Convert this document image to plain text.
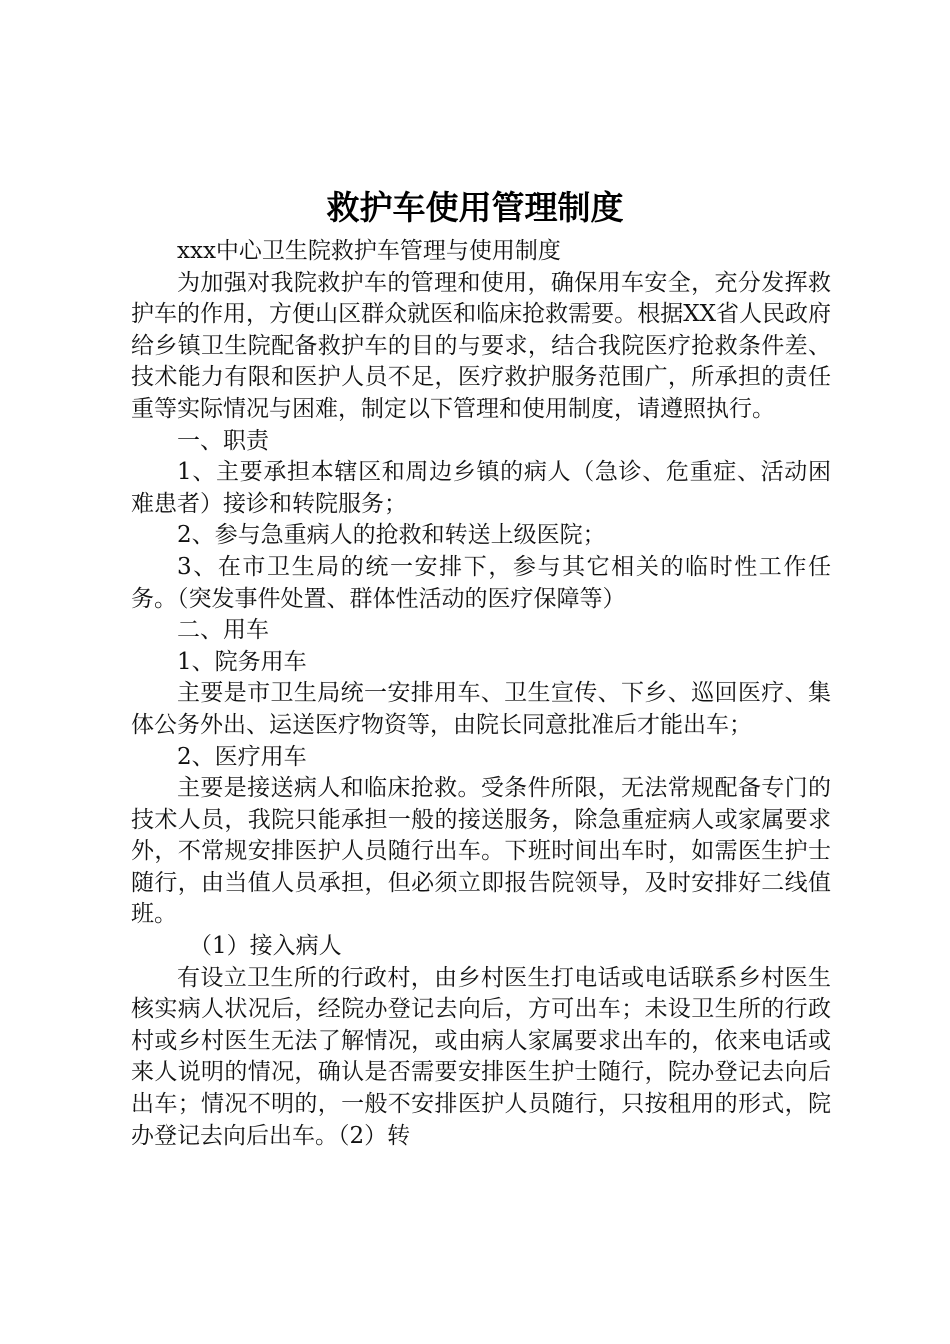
救护车使用管理制度

xxx中心卫生院救护车管理与使用制度

为加强对我院救护车的管理和使用，确保用车安全，充分发挥救护车的作用，方便山区群众就医和临床抢救需要。根据XX省人民政府给乡镇卫生院配备救护车的目的与要求，结合我院医疗抢救条件差、技术能力有限和医护人员不足，医疗救护服务范围广，所承担的责任重等实际情况与困难，制定以下管理和使用制度，请遵照执行。

一、职责

1、主要承担本辖区和周边乡镇的病人（急诊、危重症、活动困难患者）接诊和转院服务；

2、参与急重病人的抢救和转送上级医院；

3、在市卫生局的统一安排下，参与其它相关的临时性工作任务。（突发事件处置、群体性活动的医疗保障等）

二、用车

1、院务用车

主要是市卫生局统一安排用车、卫生宣传、下乡、巡回医疗、集体公务外出、运送医疗物资等，由院长同意批准后才能出车；

2、医疗用车

主要是接送病人和临床抢救。受条件所限，无法常规配备专门的技术人员，我院只能承担一般的接送服务，除急重症病人或家属要求外，不常规安排医护人员随行出车。下班时间出车时，如需医生护士随行，由当值人员承担，但必须立即报告院领导，及时安排好二线值班。

（1）接入病人

有设立卫生所的行政村，由乡村医生打电话或电话联系乡村医生核实病人状况后，经院办登记去向后，方可出车；未设卫生所的行政村或乡村医生无法了解情况，或由病人家属要求出车的，依来电话或来人说明的情况，确认是否需要安排医生护士随行，院办登记去向后出车；情况不明的，一般不安排医护人员随行，只按租用的形式，院办登记去向后出车。（2）转
